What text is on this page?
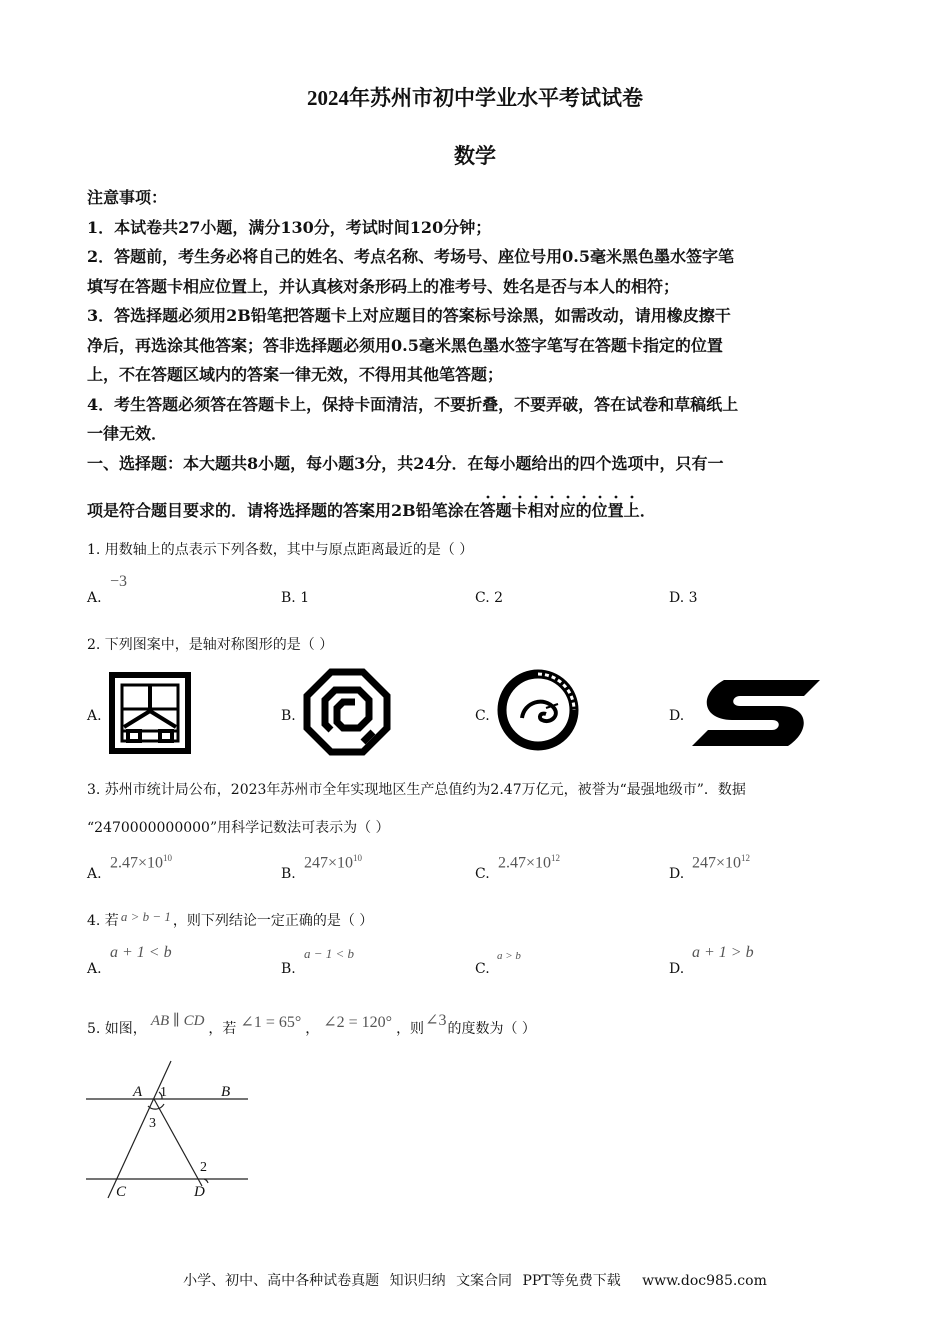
2024年苏州市初中学业水平考试试卷
数学
注意事项：
1．本试卷共27小题，满分130分，考试时间120分钟；
2．答题前，考生务必将自己的姓名、考点名称、考场号、座位号用0.5毫米黑色墨水签字笔
填写在答题卡相应位置上，并认真核对条形码上的准考号、姓名是否与本人的相符；
3．答选择题必须用2B铅笔把答题卡上对应题目的答案标号涂黑，如需改动，请用橡皮擦干
净后，再选涂其他答案；答非选择题必须用0.5毫米黑色墨水签字笔写在答题卡指定的位置
上，不在答题区域内的答案一律无效，不得用其他笔答题；
4．考生答题必须答在答题卡上，保持卡面清洁，不要折叠，不要弄破，答在试卷和草稿纸上
一律无效．
一、选择题：本大题共8小题，每小题3分，共24分．在每小题给出的四个选项中，只有一
项是符合题目要求的．请将选择题的答案用2B铅笔涂在答题卡相对应的位置上
．
1. 用数轴上的点表示下列各数，其中与原点距离最近的是（ ）
A.
−3
B. 1	C. 2	D. 3
2. 下列图案中，是轴对称图形的是（ ）
A.	B.	C.	D.
3. 苏州市统计局公布，2023年苏州市全年实现地区生产总值约为2.47万亿元，被誉为“最强地级市”．数据
“2470000000000”用科学记数法可表示为（ ）
A.
$2.47\times 10^{10}$
B.
$247\times 10^{10}$
C.
$2.47\times 10^{12}$
D.
$247\times 10^{12}$
4. 若 a > b − 1 ，则下列结论一定正确的是（ ）
A.
a + 1 < b
B.
a − 1 < b
C.
a > b
D.
a + 1 > b
5. 如图， AB ∥ CD ，若 ∠1 = 65° ， ∠2 = 120° ，则∠3的度数为（ ）
A	B
C	D
1
2
3
小学、初中、高中各种试卷真题 知识归纳 文案合同 PPT等免费下载 www.doc985.com
